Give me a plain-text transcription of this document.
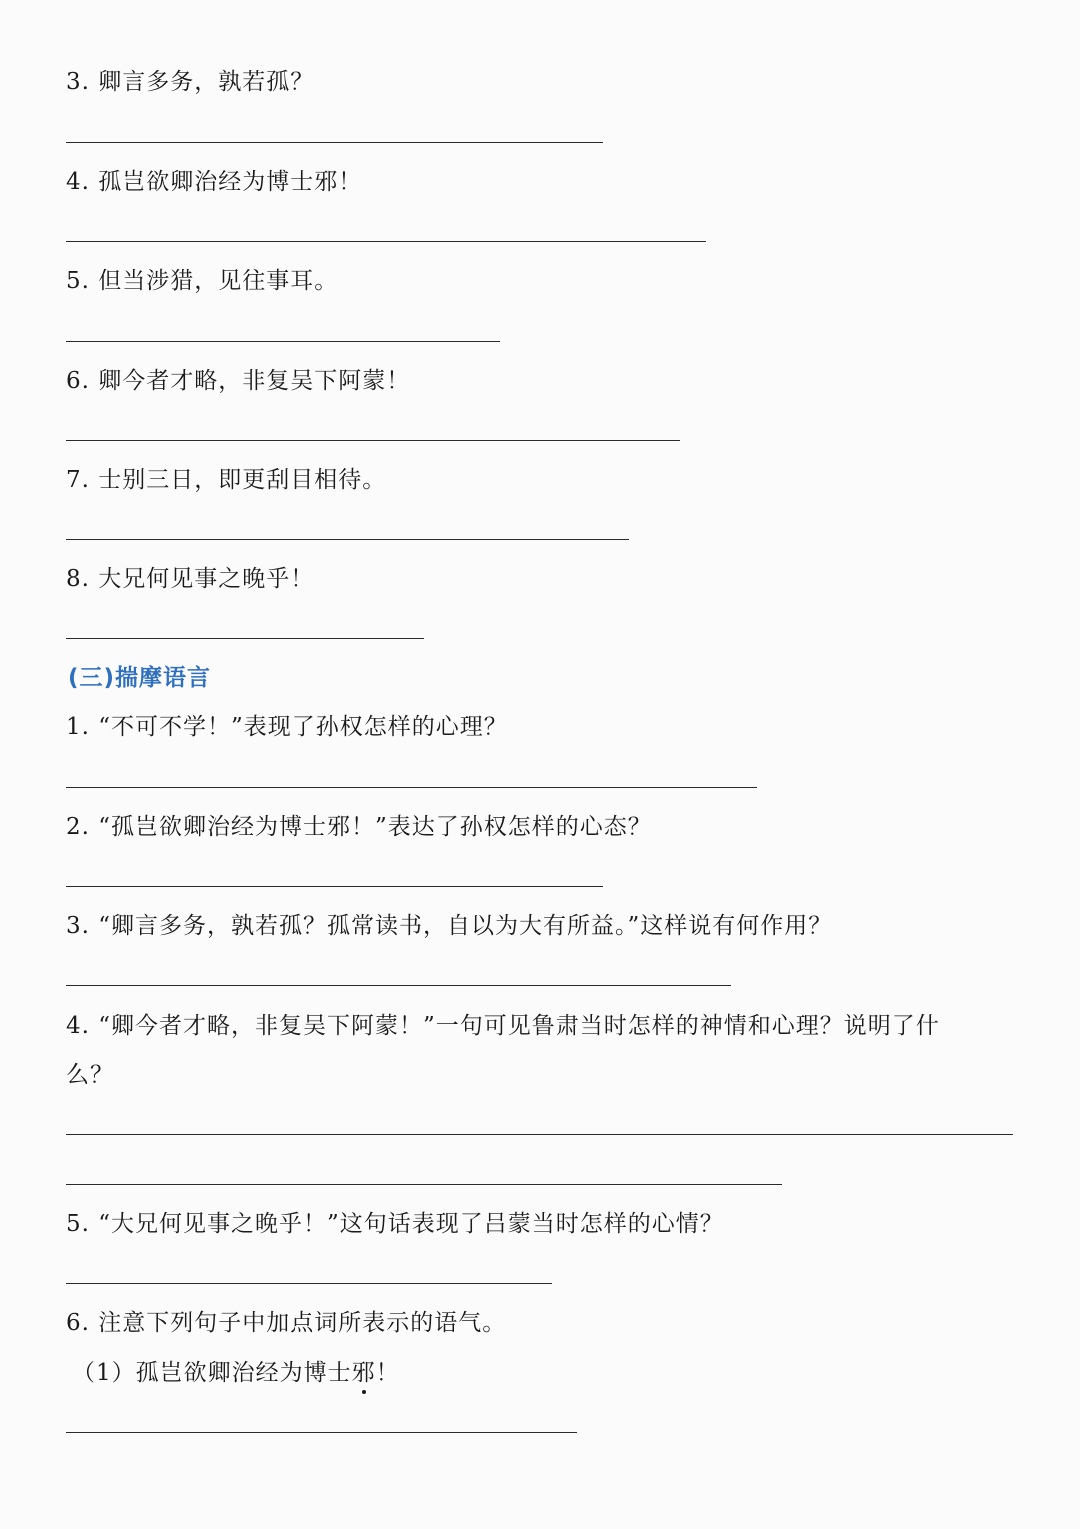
3. 卿言多务，孰若孤？
4. 孤岂欲卿治经为博士邪！
5. 但当涉猎，见往事耳。
6. 卿今者才略，非复吴下阿蒙！
7. 士别三日，即更刮目相待。
8. 大兄何见事之晚乎！
(三)揣摩语言
1. “不可不学！”表现了孙权怎样的心理？
2. “孤岂欲卿治经为博士邪！”表达了孙权怎样的心态？
3. “卿言多务，孰若孤？孤常读书，自以为大有所益。”这样说有何作用？
4. “卿今者才略，非复吴下阿蒙！”一句可见鲁肃当时怎样的神情和心理？说明了什
么？
5. “大兄何见事之晚乎！”这句话表现了吕蒙当时怎样的心情？
6. 注意下列句子中加点词所表示的语气。
（1）孤岂欲卿治经为博士邪
！
